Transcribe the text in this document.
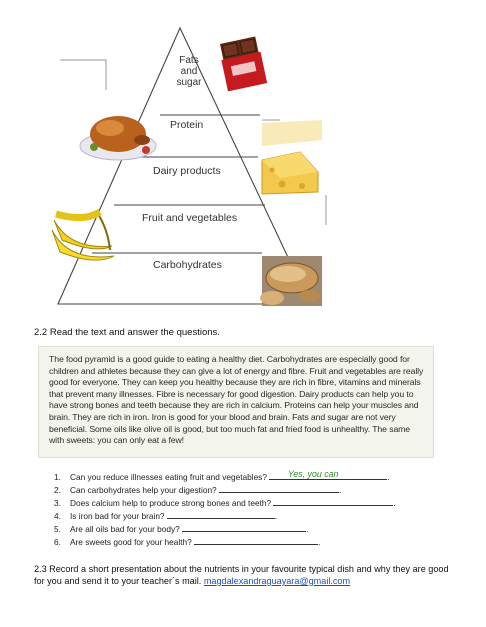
Fats
and
sugar
Protein
Dairy products
Fruit and vegetables
Carbohydrates
2.2 Read the text and answer the questions.

The food pyramid is a good guide to eating a healthy diet. Carbohydrates are especially good for children and athletes because they can give a lot of energy and fibre. Fruit and vegetables are really good for everyone. They can keep you healthy because they are rich in fibre, vitamins and minerals that prevent many illnesses. Fibre is necessary for good digestion. Dairy products can help you to have strong bones and teeth because they are rich in calcium. Proteins can help your muscles and brain. They are rich in iron. Iron is good for your blood and brain. Fats and sugar are not very beneficial. Some oils like olive oil is good, but too much fat and fried food is unhealthy. The same with sweets: you can only eat a few!

1. Can you reduce illnesses eating fruit and vegetables?	.
Yes, you can
2. Can carbohydrates help your digestion?	.
3. Does calcium help to produce strong bones and teeth?	.
4. Is iron bad for your brain?	.
5. Are all oils bad for your body?	.
6. Are sweets good for your health?	.
2.3 Record a short presentation about the nutrients in your favourite typical dish and why they are good for you and send it to your teacher´s mail. magdalexandraguayara@gmail.com
